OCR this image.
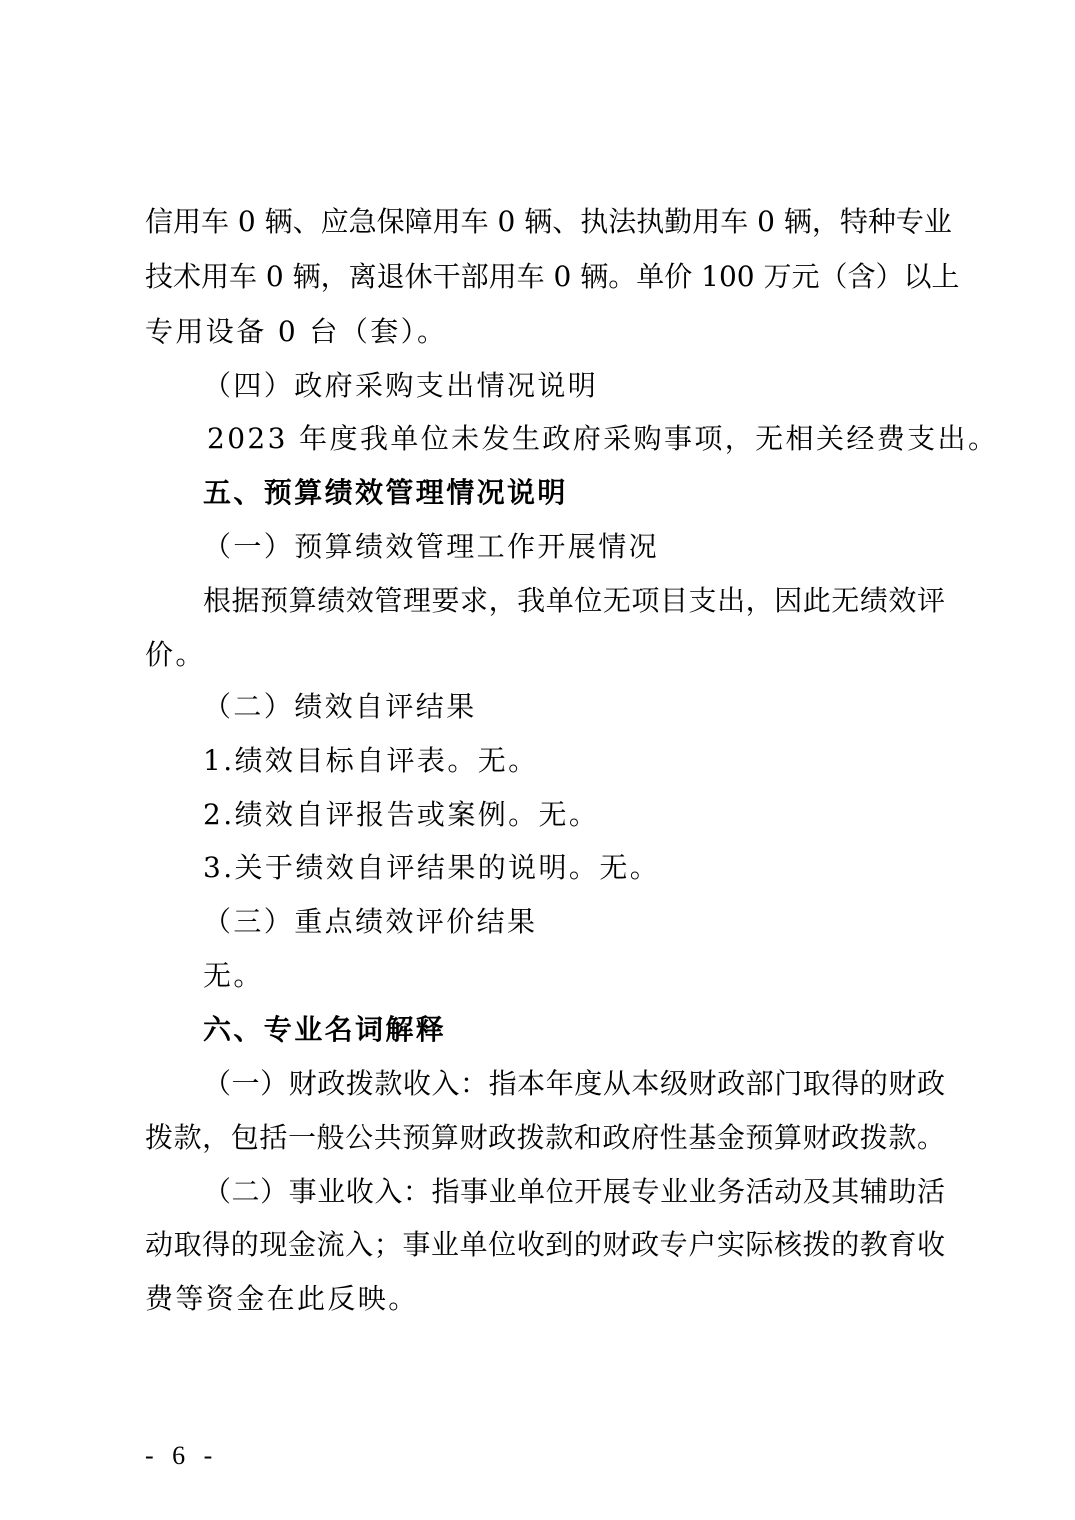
信用车 0 辆、应急保障用车 0 辆、执法执勤用车 0 辆，特种专业
技术用车 0 辆，离退休干部用车 0 辆。单价 100 万元（含）以上
专用设备 0 台（套）。
（四）政府采购支出情况说明
2023 年度我单位未发生政府采购事项，无相关经费支出。
五、预算绩效管理情况说明
（一）预算绩效管理工作开展情况
根据预算绩效管理要求，我单位无项目支出，因此无绩效评
价。
（二）绩效自评结果
1.绩效目标自评表。无。
2.绩效自评报告或案例。无。
3.关于绩效自评结果的说明。无。
（三）重点绩效评价结果
无。
六、专业名词解释
（一）财政拨款收入：指本年度从本级财政部门取得的财政
拨款，包括一般公共预算财政拨款和政府性基金预算财政拨款。
（二）事业收入：指事业单位开展专业业务活动及其辅助活
动取得的现金流入；事业单位收到的财政专户实际核拨的教育收
费等资金在此反映。
- 6 -
